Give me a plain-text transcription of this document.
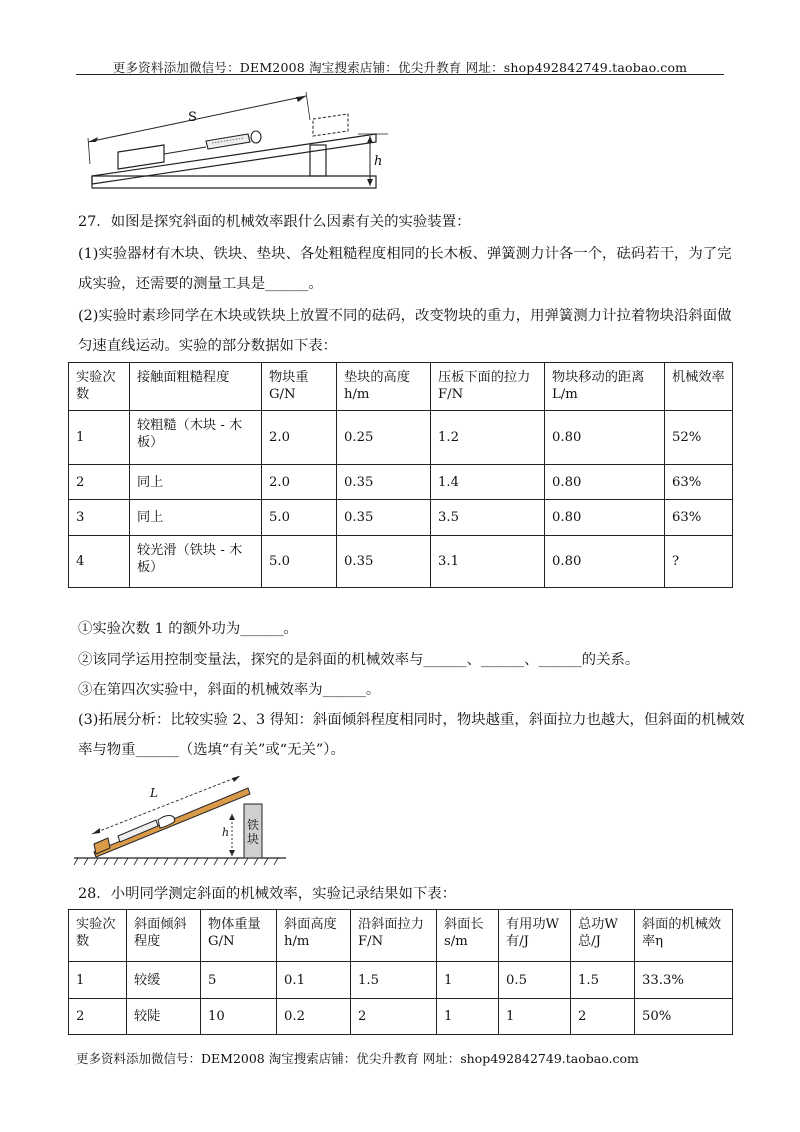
更多资料添加微信号：DEM2008 淘宝搜索店铺：优尖升教育 网址：shop492842749.taobao.com
S
h
27．如图是探究斜面的机械效率跟什么因素有关的实验装置：
(1)实验器材有木块、铁块、垫块、各处粗糙程度相同的长木板、弹簧测力计各一个，砝码若干，为了完
成实验，还需要的测量工具是______。
(2)实验时素珍同学在木块或铁块上放置不同的砝码，改变物块的重力，用弹簧测力计拉着物块沿斜面做
匀速直线运动。实验的部分数据如下表：
实验次数	接触面粗糙程度	物块重G/N	垫块的高度h/m	压板下面的拉力F/N	物块移动的距离L/m	机械效率
1	较粗糙（木块 - 木板）	2.0	0.25	1.2	0.80	52%
2	同上	2.0	0.35	1.4	0.80	63%
3	同上	5.0	0.35	3.5	0.80	63%
4	较光滑（铁块 - 木板）	5.0	0.35	3.1	0.80	?
①实验次数 1 的额外功为______。
②该同学运用控制变量法，探究的是斜面的机械效率与______、______、______的关系。
③在第四次实验中，斜面的机械效率为______。
(3)拓展分析：比较实验 2、3 得知：斜面倾斜程度相同时，物块越重，斜面拉力也越大，但斜面的机械效
率与物重______（选填“有关”或“无关”）。
L
h
铁块
28．小明同学测定斜面的机械效率，实验记录结果如下表：
实验次数	斜面倾斜程度	物体重量G/N	斜面高度h/m	沿斜面拉力F/N	斜面长s/m	有用功W有/J	总功W总/J	斜面的机械效率η
1	较缓	5	0.1	1.5	1	0.5	1.5	33.3%
2	较陡	10	0.2	2	1	1	2	50%
更多资料添加微信号：DEM2008 淘宝搜索店铺：优尖升教育 网址：shop492842749.taobao.com
